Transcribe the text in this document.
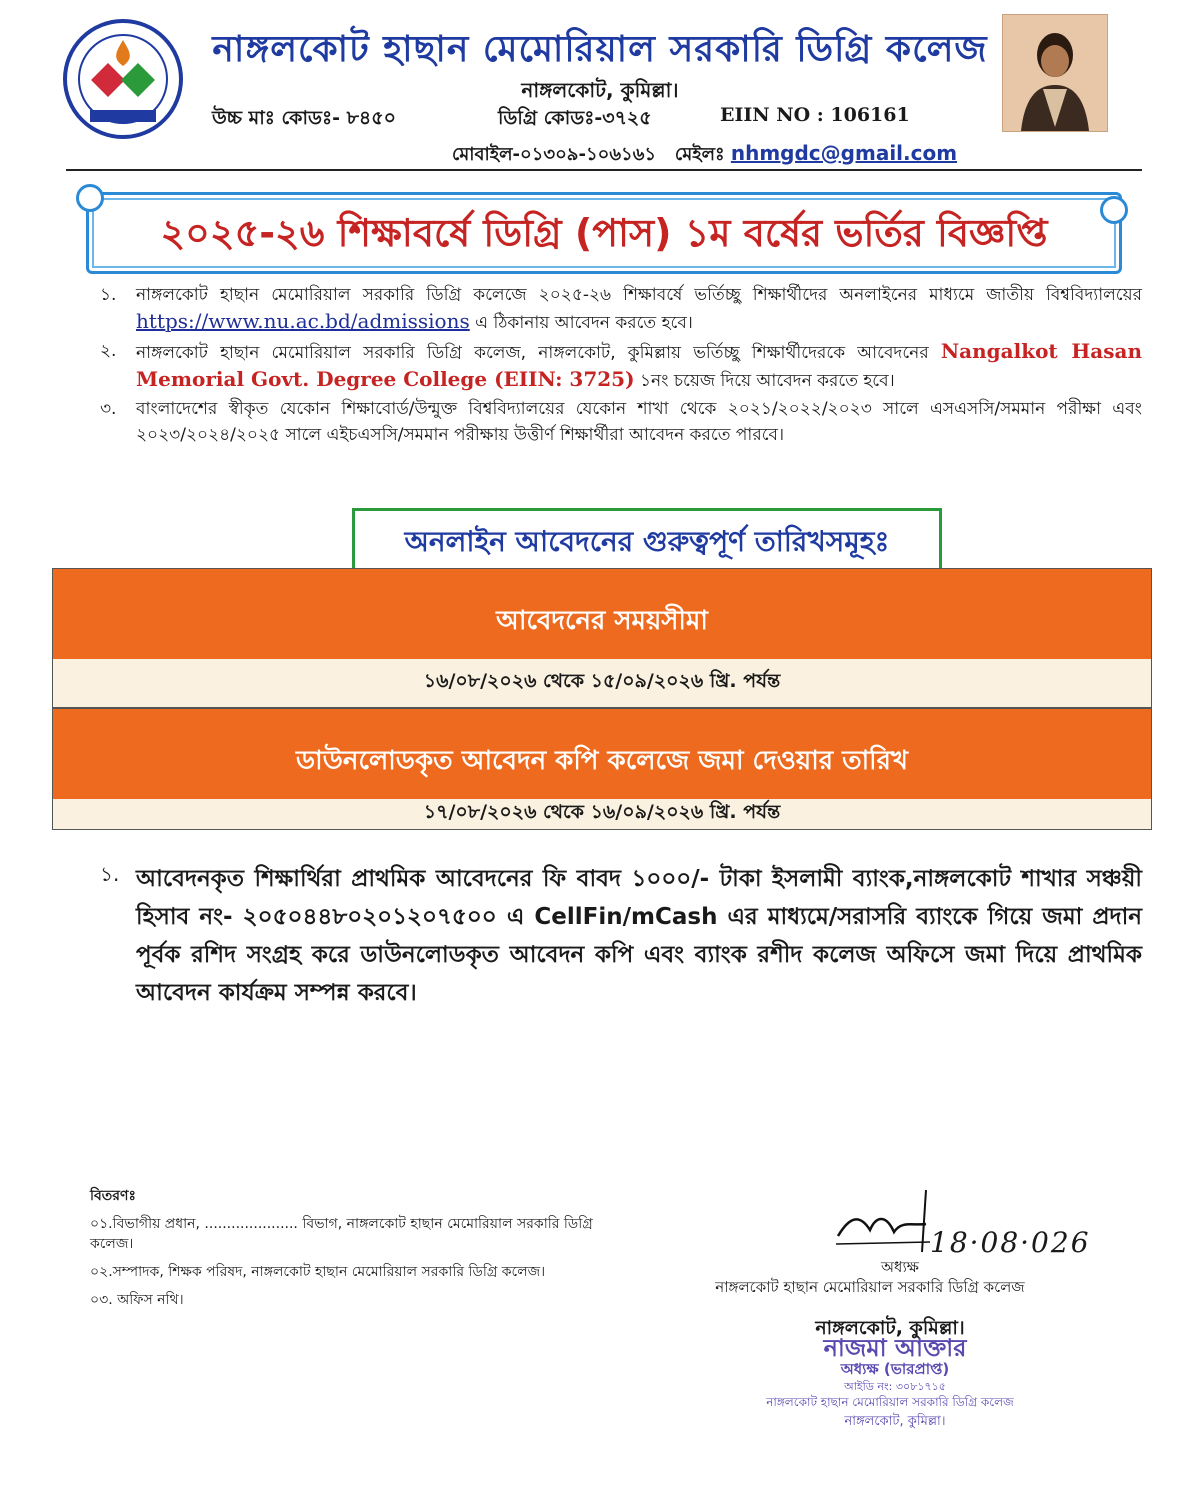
নাঙ্গলকোট হাছান মেমোরিয়াল সরকারি ডিগ্রি কলেজ
নাঙ্গলকোট, কুমিল্লা।
উচ্চ মাঃ কোডঃ- ৮৪৫০	ডিগ্রি কোডঃ-৩৭২৫	EIIN NO : 106161
মোবাইল-০১৩০৯-১০৬১৬১ মেইলঃ nhmgdc@gmail.com
২০২৫-২৬ শিক্ষাবর্ষে ডিগ্রি (পাস) ১ম বর্ষের ভর্তির বিজ্ঞপ্তি
১.	নাঙ্গলকোট হাছান মেমোরিয়াল সরকারি ডিগ্রি কলেজে ২০২৫-২৬ শিক্ষাবর্ষে ভর্তিচ্ছু শিক্ষার্থীদের অনলাইনের মাধ্যমে জাতীয় বিশ্ববিদ্যালয়ের https://www.nu.ac.bd/admissions এ ঠিকানায় আবেদন করতে হবে।
২.	নাঙ্গলকোট হাছান মেমোরিয়াল সরকারি ডিগ্রি কলেজ, নাঙ্গলকোট, কুমিল্লায় ভর্তিচ্ছু শিক্ষার্থীদেরকে আবেদনের Nangalkot Hasan Memorial Govt. Degree College (EIIN: 3725) ১নং চয়েজ দিয়ে আবেদন করতে হবে।
৩.	বাংলাদেশের স্বীকৃত যেকোন শিক্ষাবোর্ড/উন্মুক্ত বিশ্ববিদ্যালয়ের যেকোন শাখা থেকে ২০২১/২০২২/২০২৩ সালে এসএসসি/সমমান পরীক্ষা এবং ২০২৩/২০২৪/২০২৫ সালে এইচএসসি/সমমান পরীক্ষায় উত্তীর্ণ শিক্ষার্থীরা আবেদন করতে পারবে।
অনলাইন আবেদনের গুরুত্বপূর্ণ তারিখসমূহঃ
আবেদনের সময়সীমা
১৬/০৮/২০২৬ থেকে ১৫/০৯/২০২৬ খ্রি. পর্যন্ত
ডাউনলোডকৃত আবেদন কপি কলেজে জমা দেওয়ার তারিখ
১৭/০৮/২০২৬ থেকে ১৬/০৯/২০২৬ খ্রি. পর্যন্ত
১. আবেদনকৃত শিক্ষার্থিরা প্রাথমিক আবেদনের ফি বাবদ ১০০০/- টাকা ইসলামী ব্যাংক,নাঙ্গলকোট শাখার সঞ্চয়ী হিসাব নং- ২০৫০৪৪৮০২০১২০৭৫০০ এ CellFin/mCash এর মাধ্যমে/সরাসরি ব্যাংকে গিয়ে জমা প্রদান পূর্বক রশিদ সংগ্রহ করে ডাউনলোডকৃত আবেদন কপি এবং ব্যাংক রশীদ কলেজ অফিসে জমা দিয়ে প্রাথমিক আবেদন কার্যক্রম সম্পন্ন করবে।
বিতরণঃ
০১.বিভাগীয় প্রধান, ..................... বিভাগ, নাঙ্গলকোট হাছান মেমোরিয়াল সরকারি ডিগ্রি কলেজ।
০২.সম্পাদক, শিক্ষক পরিষদ, নাঙ্গলকোট হাছান মেমোরিয়াল সরকারি ডিগ্রি কলেজ।
০৩. অফিস নথি।
18·08·026
অধ্যক্ষ
নাঙ্গলকোট হাছান মেমোরিয়াল সরকারি ডিগ্রি কলেজ
নাঙ্গলকোট, কুমিল্লা।
নাজমা আক্তার
অধ্যক্ষ (ভারপ্রাপ্ত)
আইডি নং: ৩০৮১৭১৫
নাঙ্গলকোট হাছান মেমোরিয়াল সরকারি ডিগ্রি কলেজ
নাঙ্গলকোট, কুমিল্লা।
